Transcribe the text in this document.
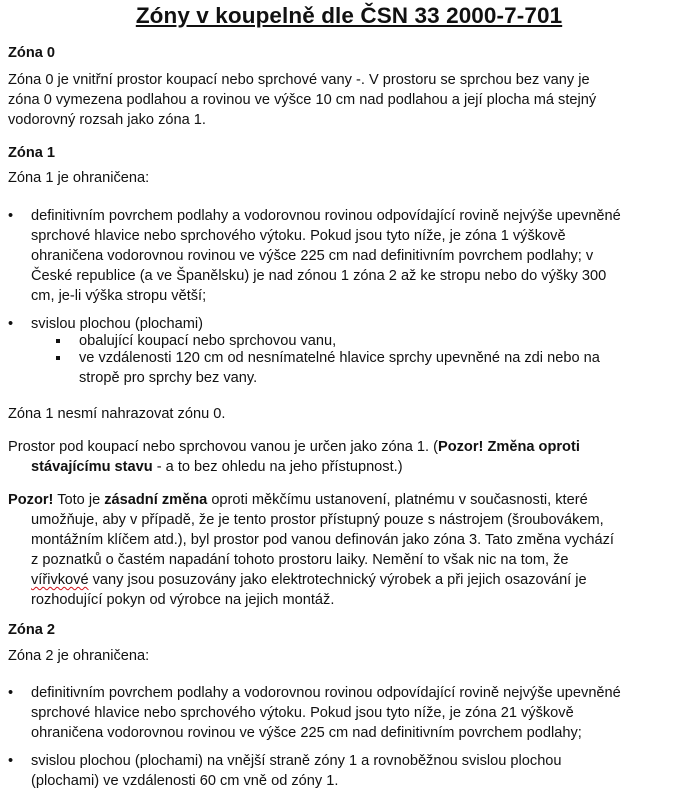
Zóny v koupelně dle ČSN 33 2000-7-701
Zóna 0
Zóna 0 je vnitřní prostor koupací nebo sprchové vany -. V prostoru se sprchou bez vany je
zóna 0 vymezena podlahou a rovinou ve výšce 10 cm nad podlahou a její plocha má stejný
vodorovný rozsah jako zóna 1.
Zóna 1
Zóna 1 je ohraničena:
• definitivním povrchem podlahy a vodorovnou rovinou odpovídající rovině nejvýše upevněné
sprchové hlavice nebo sprchového výtoku. Pokud jsou tyto níže, je zóna 1 výškově
ohraničena vodorovnou rovinou ve výšce 225 cm nad definitivním povrchem podlahy; v
České republice (a ve Španělsku) je nad zónou 1 zóna 2 až ke stropu nebo do výšky 300
cm, je-li výška stropu větší;
• svislou plochou (plochami)
obalující koupací nebo sprchovou vanu,
ve vzdálenosti 120 cm od nesnímatelné hlavice sprchy upevněné na zdi nebo na
stropě pro sprchy bez vany.
Zóna 1 nesmí nahrazovat zónu 0.
Prostor pod koupací nebo sprchovou vanou je určen jako zóna 1. (Pozor! Změna oproti
stávajícímu stavu - a to bez ohledu na jeho přístupnost.)
Pozor! Toto je zásadní změna oproti měkčímu ustanovení, platnému v současnosti, které
umožňuje, aby v případě, že je tento prostor přístupný pouze s nástrojem (šroubovákem,
montážním klíčem atd.), byl prostor pod vanou definován jako zóna 3. Tato změna vychází
z poznatků o častém napadání tohoto prostoru laiky. Nemění to však nic na tom, že
vířivkové vany jsou posuzovány jako elektrotechnický výrobek a při jejich osazování je
rozhodující pokyn od výrobce na jejich montáž.
Zóna 2
Zóna 2 je ohraničena:
• definitivním povrchem podlahy a vodorovnou rovinou odpovídající rovině nejvýše upevněné
sprchové hlavice nebo sprchového výtoku. Pokud jsou tyto níže, je zóna 21 výškově
ohraničena vodorovnou rovinou ve výšce 225 cm nad definitivním povrchem podlahy;
• svislou plochou (plochami) na vnější straně zóny 1 a rovnoběžnou svislou plochou
(plochami) ve vzdálenosti 60 cm vně od zóny 1.
